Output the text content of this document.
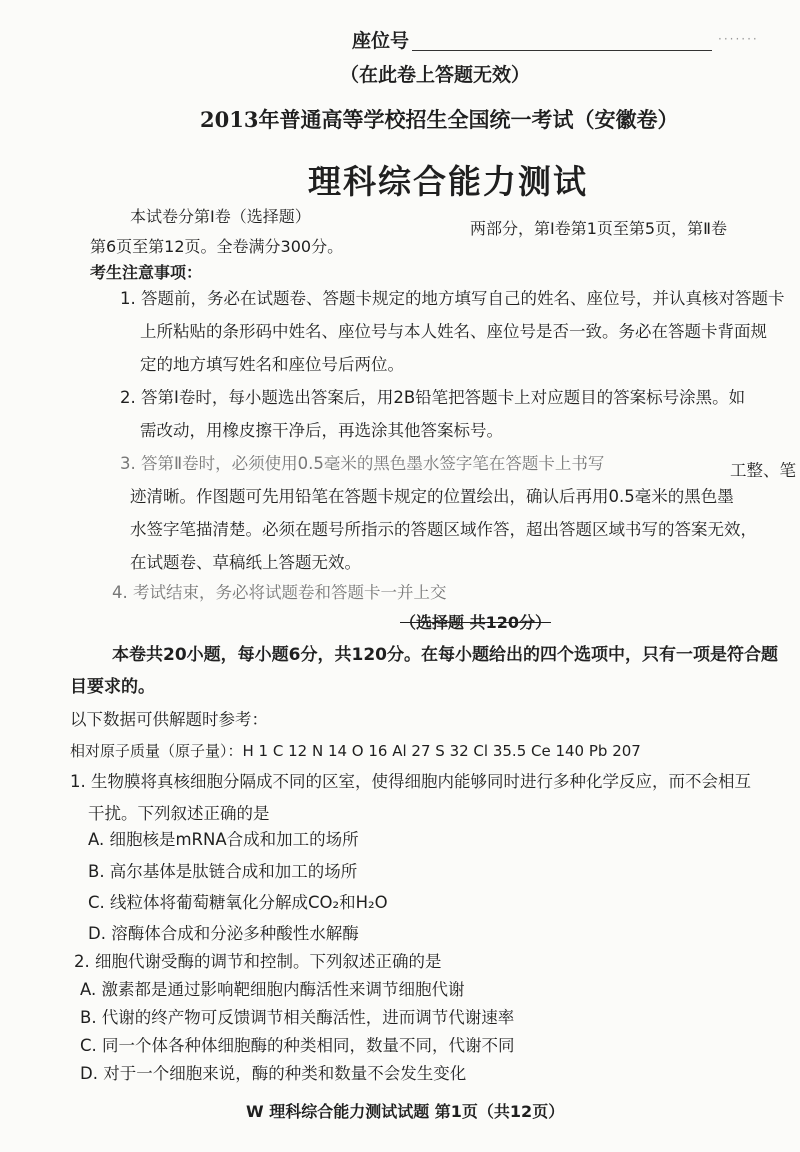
·······
座位号
（在此卷上答题无效）
2013年普通高等学校招生全国统一考试（安徽卷）
理科综合能力测试
本试卷分第Ⅰ卷（选择题）
两部分，第Ⅰ卷第1页至第5页，第Ⅱ卷
第6页至第12页。全卷满分300分。
考生注意事项：
1. 答题前，务必在试题卷、答题卡规定的地方填写自己的姓名、座位号，并认真核对答题卡
上所粘贴的条形码中姓名、座位号与本人姓名、座位号是否一致。务必在答题卡背面规
定的地方填写姓名和座位号后两位。
2. 答第Ⅰ卷时，每小题选出答案后，用2B铅笔把答题卡上对应题目的答案标号涂黑。如
需改动，用橡皮擦干净后，再选涂其他答案标号。
3. 答第Ⅱ卷时，必须使用0.5毫米的黑色墨水签字笔在答题卡上书写	工整、笔
迹清晰。作图题可先用铅笔在答题卡规定的位置绘出，确认后再用0.5毫米的黑色墨
水签字笔描清楚。必须在题号所指示的答题区域作答，超出答题区域书写的答案无效，
在试题卷、草稿纸上答题无效。
4. 考试结束，务必将试题卷和答题卡一并上交
（选择题 共120分）
本卷共20小题，每小题6分，共120分。在每小题给出的四个选项中，只有一项是符合题
目要求的。
以下数据可供解题时参考：
相对原子质量（原子量）：H 1 C 12 N 14 O 16 Al 27 S 32 Cl 35.5 Ce 140 Pb 207
1. 生物膜将真核细胞分隔成不同的区室，使得细胞内能够同时进行多种化学反应，而不会相互
干扰。下列叙述正确的是
A. 细胞核是mRNA合成和加工的场所
B. 高尔基体是肽链合成和加工的场所
C. 线粒体将葡萄糖氧化分解成CO₂和H₂O
D. 溶酶体合成和分泌多种酸性水解酶
2. 细胞代谢受酶的调节和控制。下列叙述正确的是
A. 激素都是通过影响靶细胞内酶活性来调节细胞代谢
B. 代谢的终产物可反馈调节相关酶活性，进而调节代谢速率
C. 同一个体各种体细胞酶的种类相同，数量不同，代谢不同
D. 对于一个细胞来说，酶的种类和数量不会发生变化
W 理科综合能力测试试题 第1页（共12页）
